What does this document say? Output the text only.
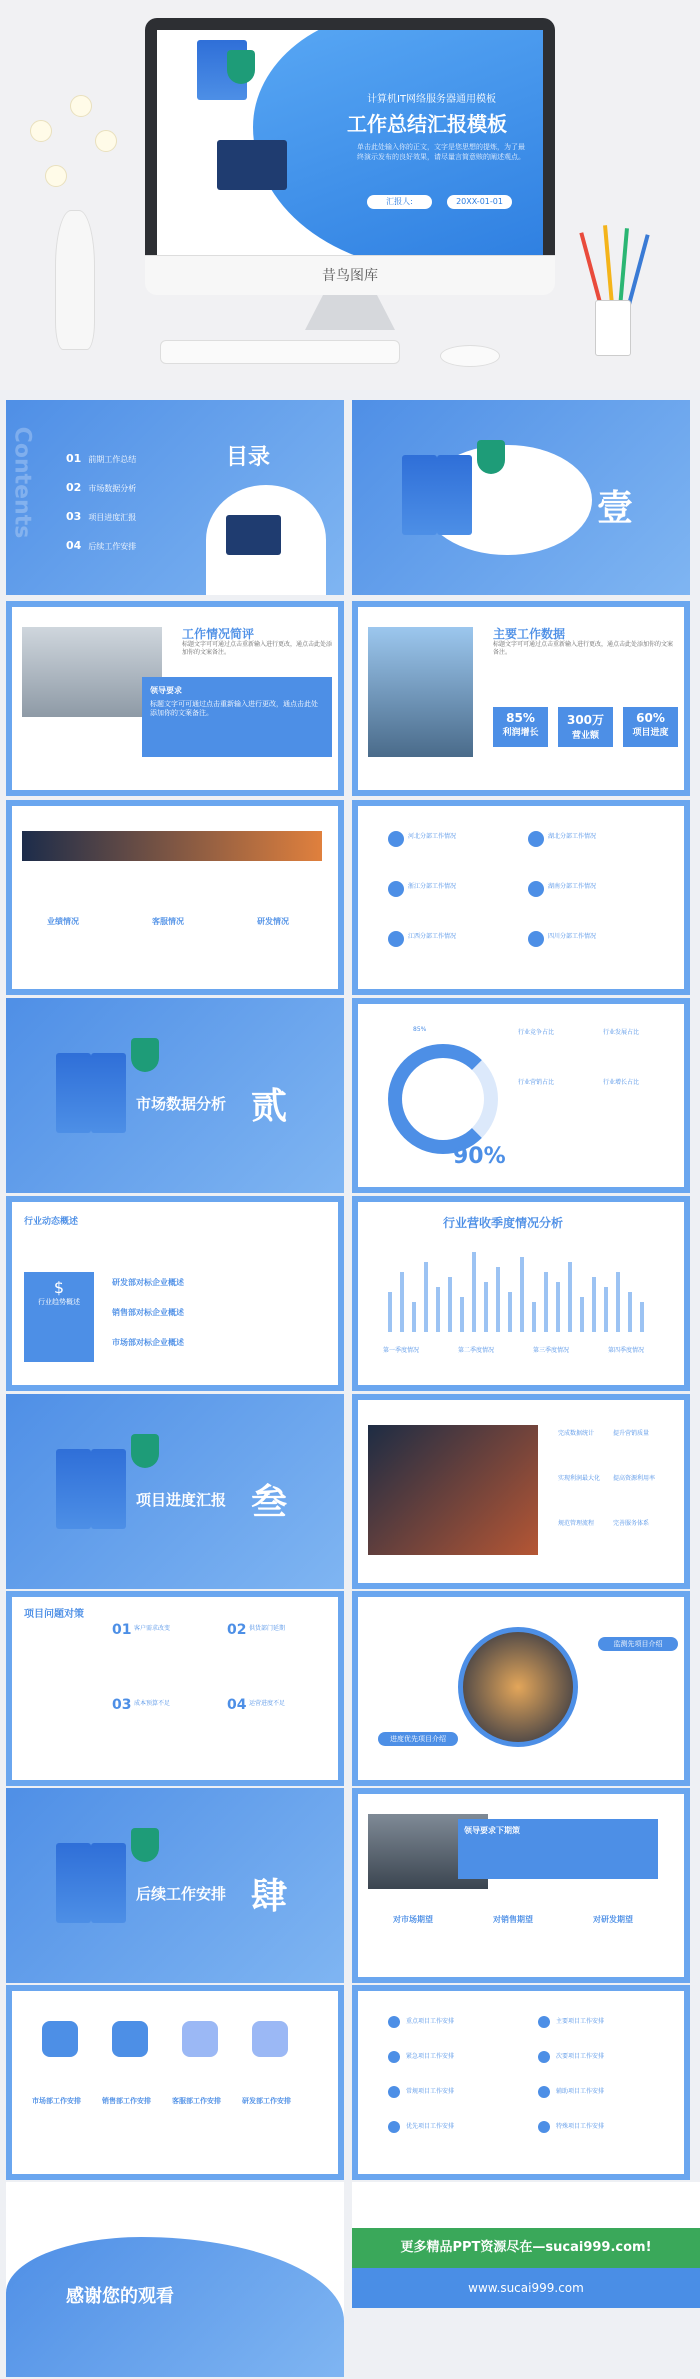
计算机IT网络服务器通用模板
工作总结汇报模板
单击此处输入你的正文，文字是您思想的提炼，为了最终演示发布的良好效果，请尽量言简意赅的阐述观点。
汇报人:	20XX-01-01
昔鸟图库
Contents	目录
01 前期工作总结
02 市场数据分析
03 项目进度汇报
04 后续工作安排
前期工作总结 壹
工作情况简评
标题文字可可通过点击重新输入进行更改，通点击此处添加你的文案备注。
领导要求
标题文字可可通过点击重新输入进行更改，通点击此处添加你的文案备注。
主要工作数据
标题文字可可通过点击重新输入进行更改，通点击此处添加你的文案备注。
85%
利润增长
300万
营业额
60%
项目进度
业绩情况	客服情况	研发情况
河北分部工作情况	湖北分部工作情况
浙江分部工作情况	湖南分部工作情况
江西分部工作情况	四川分部工作情况
市场数据分析 贰
85%
90%
行业竞争占比	行业发展占比
行业营销占比	行业增长占比
行业动态概述
$
行业趋势概述
研发部对标企业概述
销售部对标企业概述
市场部对标企业概述
行业营收季度情况分析
第一季度情况	第二季度情况	第三季度情况	第四季度情况
项目进度汇报 叁
完成数据统计	提升营销质量
实现利润最大化 提高资源利用率
规范管理流程	完善服务体系
项目问题对策
01 客户需求改变	02 供货部门延期
03 成本预算不足	04 运营进度不足
监测先项目介绍
进度优先项目介绍
后续工作安排 肆
领导要求下期策
对市场期望	对销售期望	对研发期望
市场部工作安排	销售部工作安排	客服部工作安排	研发部工作安排
重点项目工作安排	主要项目工作安排
紧急项目工作安排	次要项目工作安排
常规项目工作安排	辅助项目工作安排
优先项目工作安排	特殊项目工作安排
感谢您的观看
更多精品PPT资源尽在—sucai999.com!
www.sucai999.com
